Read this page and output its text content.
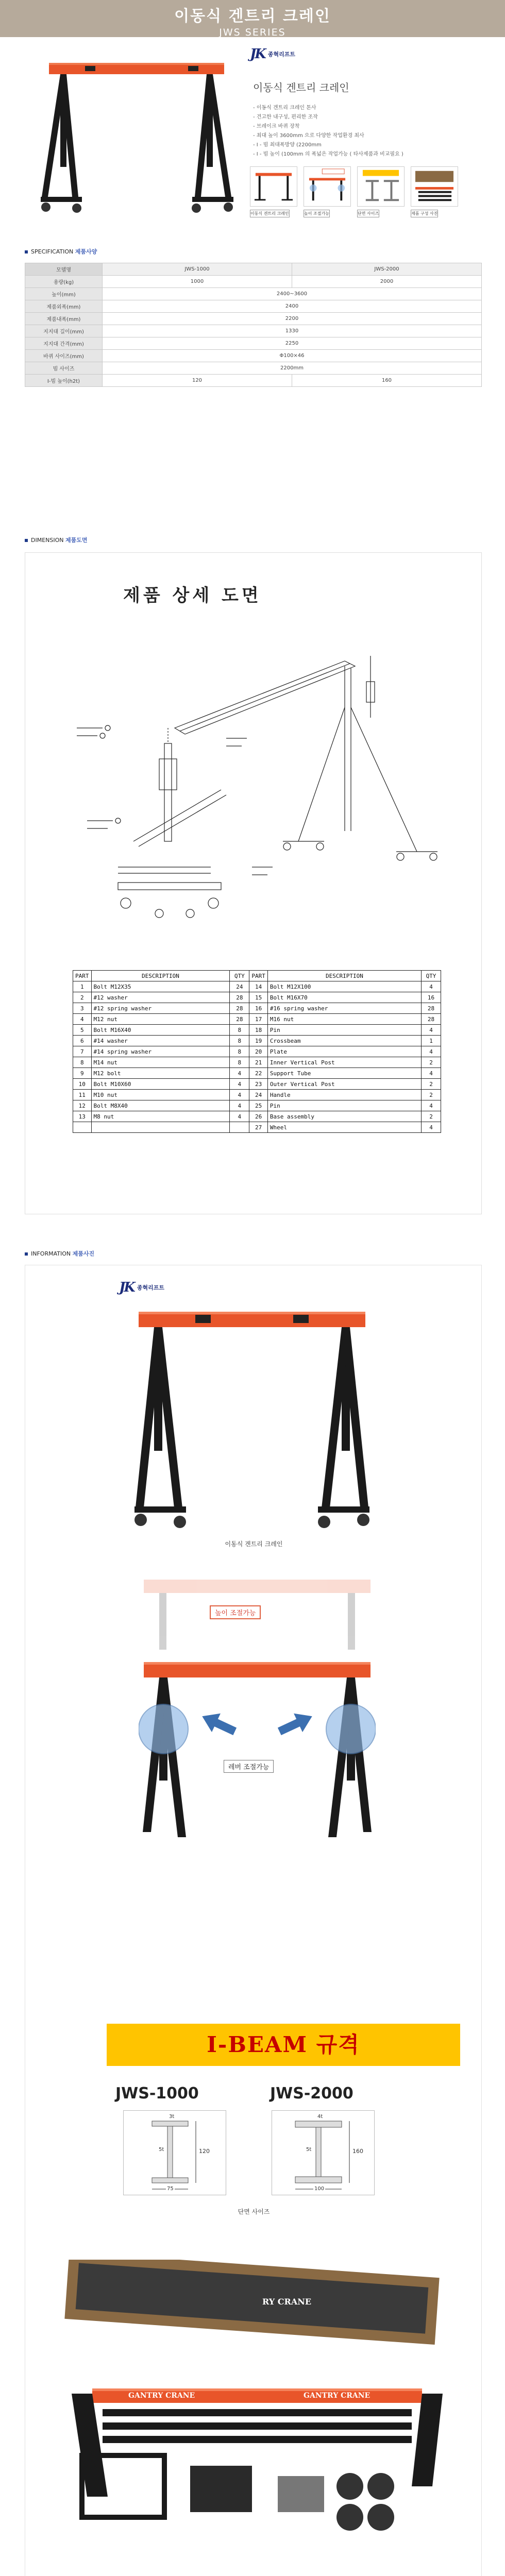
이동식 겐트리 크레인
JWS SERIES
JK 종혁리프트
이동식 겐트리 크레인
- 이동식 겐트리 크레인 톤사
- 견고한 내구성, 편리한 조작
- 브레이크 바퀴 장착
- 최대 높이 3600mm 으로 다양한 작업환경 최사
- I - 빔 최대폭방양 (2200mm
- I - 빔 높이 (100mm 의 폭넓은 작업가능 ( 타사제품과 비교필요 )
이동식 겐트리 크레인	높이 조절가능	단면 사이즈	제품 구성 사진
SPECIFICATION 제품사양
모델명	JWS-1000	JWS-2000
용량(kg)	1000	2000
높이(mm)	2400~3600	
제품외폭(mm)	2400	
제품내폭(mm)	2200	
지지대 길이(mm)	1330	
지지대 간격(mm)	2250	
바퀴 사이즈(mm)	Φ100×46	
빔 사이즈	2200mm	
I-빔 높이(h2t)	120	160
DIMENSION 제품도면
제품 상세 도면
PART	DESCRIPTION	QTY	PART	DESCRIPTION	QTY
1	Bolt M12X35	24	14	Bolt M12X100	4
2	#12 washer	28	15	Bolt M16X70	16
3	#12 spring washer	28	16	#16 spring washer	28
4	M12 nut	28	17	M16 nut	28
5	Bolt M16X40	8	18	Pin	4
6	#14 washer	8	19	Crossbeam	1
7	#14 spring washer	8	20	Plate	4
8	M14 nut	8	21	Inner Vertical Post	2
9	M12 bolt	4	22	Support Tube	4
10	Bolt M10X60	4	23	Outer Vertical Post	2
11	M10 nut	4	24	Handle	2
12	Bolt M8X40	4	25	Pin	4
13	M8 nut	4	26	Base assembly	2
			27	Wheel	4
INFORMATION 제품사진
JK 종혁리프트
이동식 겐트리 크레인
높이 조절가능
레버 조절가능
I-BEAM 규격
JWS-1000	JWS-2000
3t
5t	120
75
4t
5t	160
100
단면 사이즈
RY CRANE
GANTRY CRANE	GANTRY CRANE
